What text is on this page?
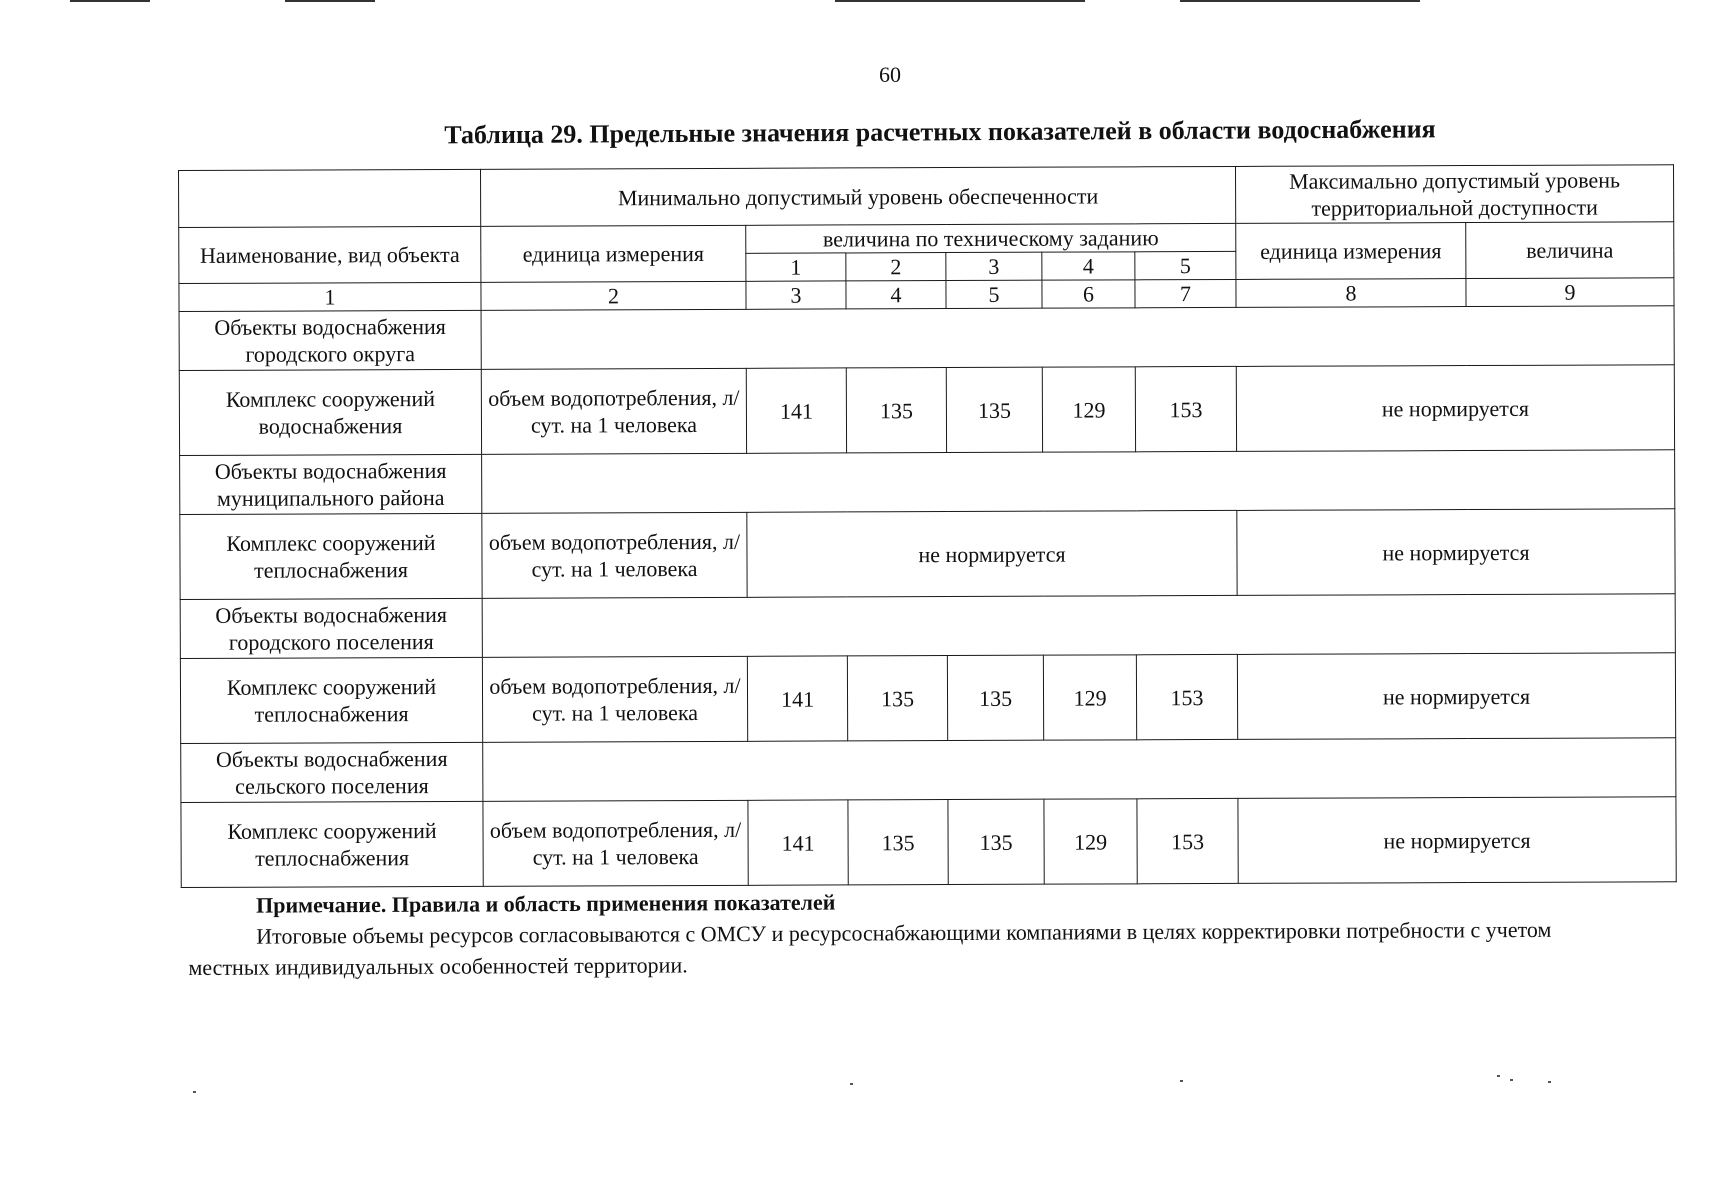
60
Таблица 29. Предельные значения расчетных показателей в области водоснабжения
	Минимально допустимый уровень обеспеченности						Максимально допустимый уровень территориальной доступности	
Наименование, вид объекта	единица измерения	величина по техническому заданию					единица измерения	величина
		1	2	3	4	5		
1	2	3	4	5	6	7	8	9
Объекты водоснабжения городского округа								
Комплекс сооружений водоснабжения	объем водопотребления, л/сут. на 1 человека	141	135	135	129	153	не нормируется	
Объекты водоснабжения муниципального района								
Комплекс сооружений теплоснабжения	объем водопотребления, л/сут. на 1 человека	не нормируется					не нормируется	
Объекты водоснабжения городского поселения								
Комплекс сооружений теплоснабжения	объем водопотребления, л/сут. на 1 человека	141	135	135	129	153	не нормируется	
Объекты водоснабжения сельского поселения								
Комплекс сооружений теплоснабжения	объем водопотребления, л/сут. на 1 человека	141	135	135	129	153	не нормируется	
Примечание. Правила и область применения показателей
Итоговые объемы ресурсов согласовываются с ОМСУ и ресурсоснабжающими компаниями в целях корректировки потребности с учетом местных индивидуальных особенностей территории.
